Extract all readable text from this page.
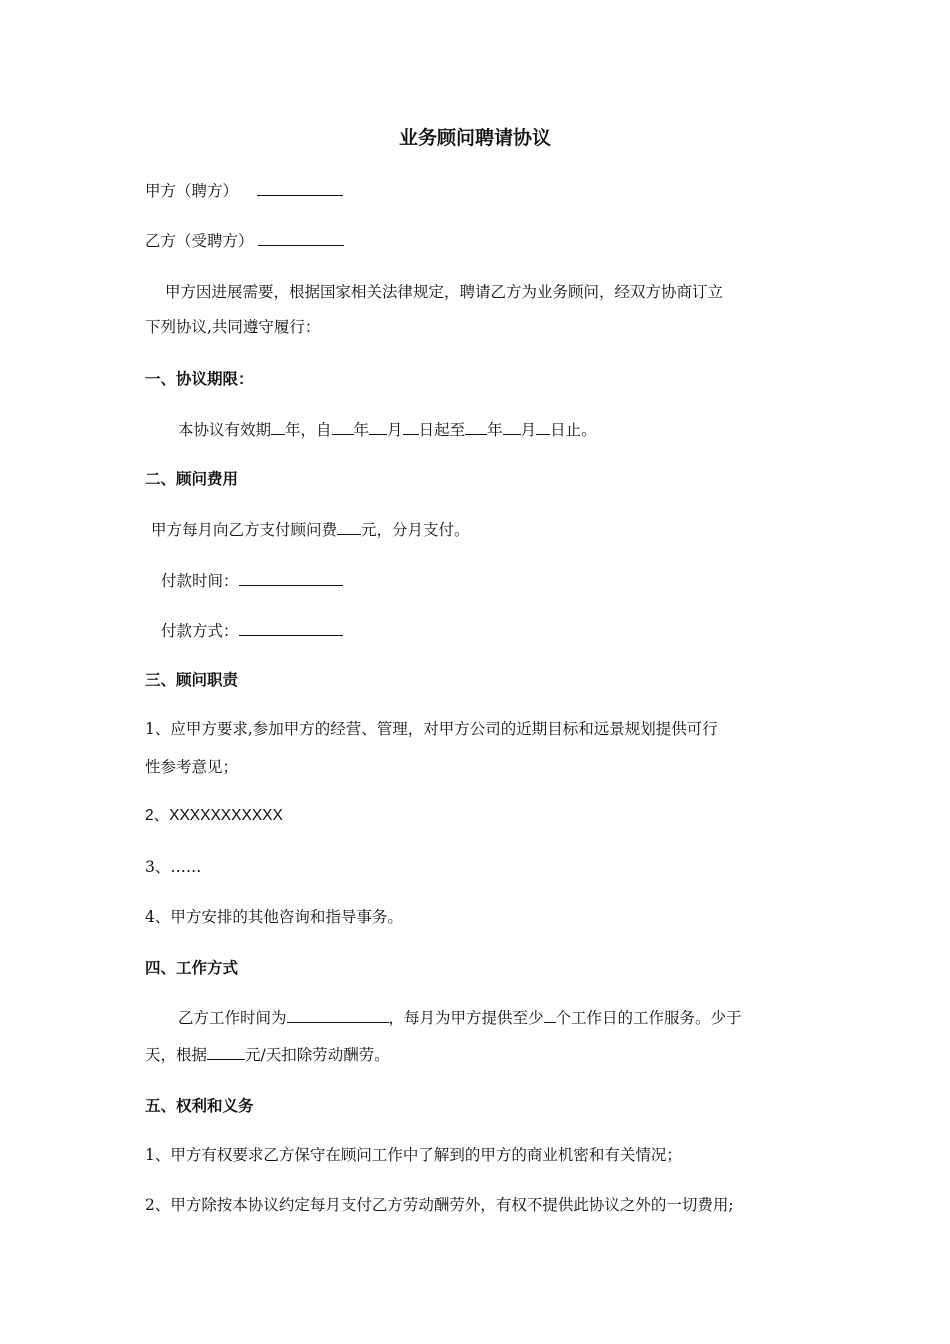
业务顾问聘请协议
甲方（聘方）
乙方（受聘方）
甲方因进展需要，根据国家相关法律规定，聘请乙方为业务顾问，经双方协商订立
下列协议,共同遵守履行：
一、协议期限：
本协议有效期 年，自 年 月 日起至 年 月 日止。
二、顾问费用
甲方每月向乙方支付顾问费 元，分月支付。
付款时间：
付款方式：
三、顾问职责
1、应甲方要求,参加甲方的经营、管理，对甲方公司的近期目标和远景规划提供可行
性参考意见；
2、XXXXXXXXXXX
3、……
4、甲方安排的其他咨询和指导事务。
四、工作方式
乙方工作时间为	，每月为甲方提供至少 个工作日的工作服务。少于
天，根据 元/天扣除劳动酬劳。
五、权利和义务
1、甲方有权要求乙方保守在顾问工作中了解到的甲方的商业机密和有关情况；
2、甲方除按本协议约定每月支付乙方劳动酬劳外，有权不提供此协议之外的一切费用;
